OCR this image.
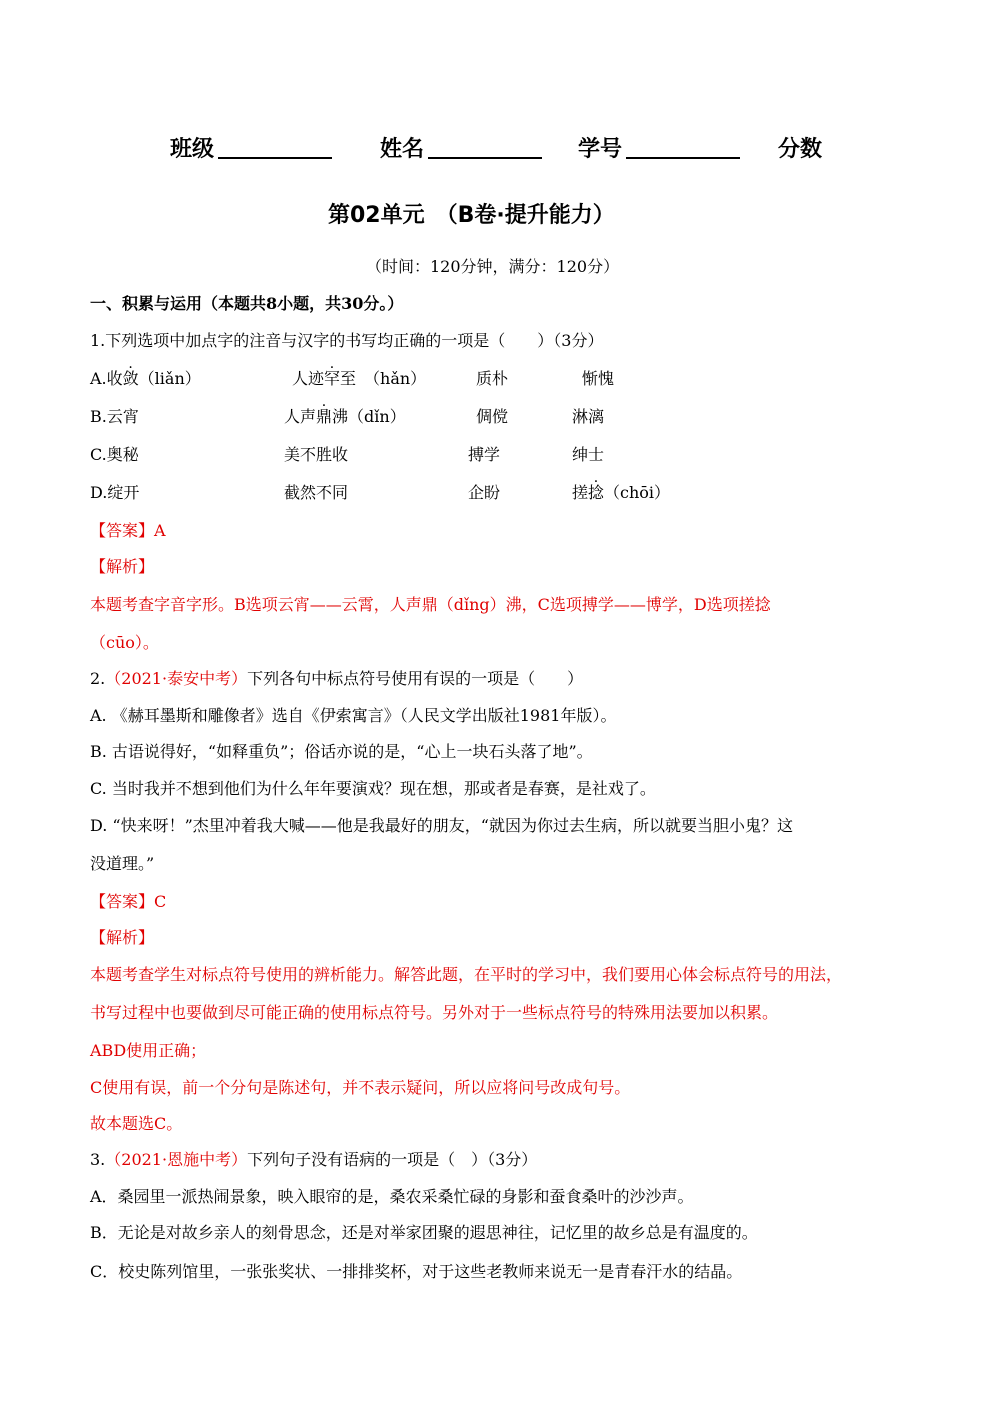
班级	姓名	学号	分数
第02单元　（B卷·提升能力）
（时间：120分钟，满分：120分）
一、积累与运用（本题共8小题，共30分。）
1.下列选项中加点字的注音与汉字的书写均正确的一项是（　　）（3分）
A.收敛（liǎn）	人迹罕至　（hǎn）	质朴	惭愧
B.云宵	人声鼎沸（dǐn）	倜傥	淋漓
C.奥秘	美不胜收	搏学	绅士
D.绽开	截然不同	企盼	搓捻（chōi）
【答案】A
【解析】
本题考查字音字形。B选项云宵——云霄，人声鼎（dǐng）沸，C选项搏学——博学，D选项搓捻
（cūo）。
2.（2021·泰安中考）下列各句中标点符号使用有误的一项是（　　）
A. 《赫耳墨斯和雕像者》选自《伊索寓言》（人民文学出版社1981年版）。
B. 古语说得好，“如释重负”；俗话亦说的是，“心上一块石头落了地”。
C. 当时我并不想到他们为什么年年要演戏？现在想，那或者是春赛，是社戏了。
D. “快来呀！”杰里冲着我大喊——他是我最好的朋友，“就因为你过去生病，所以就要当胆小鬼？这
没道理。”
【答案】C
【解析】
本题考查学生对标点符号使用的辨析能力。解答此题，在平时的学习中，我们要用心体会标点符号的用法，
书写过程中也要做到尽可能正确的使用标点符号。另外对于一些标点符号的特殊用法要加以积累。
ABD使用正确；
C使用有误，前一个分句是陈述句，并不表示疑问，所以应将问号改成句号。
故本题选C。
3.（2021·恩施中考）下列句子没有语病的一项是（　）（3分）
A．桑园里一派热闹景象，映入眼帘的是，桑农采桑忙碌的身影和蚕食桑叶的沙沙声。
B．无论是对故乡亲人的刻骨思念，还是对举家团聚的遐思神往，记忆里的故乡总是有温度的。
C．校史陈列馆里，一张张奖状、一排排奖杯，对于这些老教师来说无一是青春汗水的结晶。
